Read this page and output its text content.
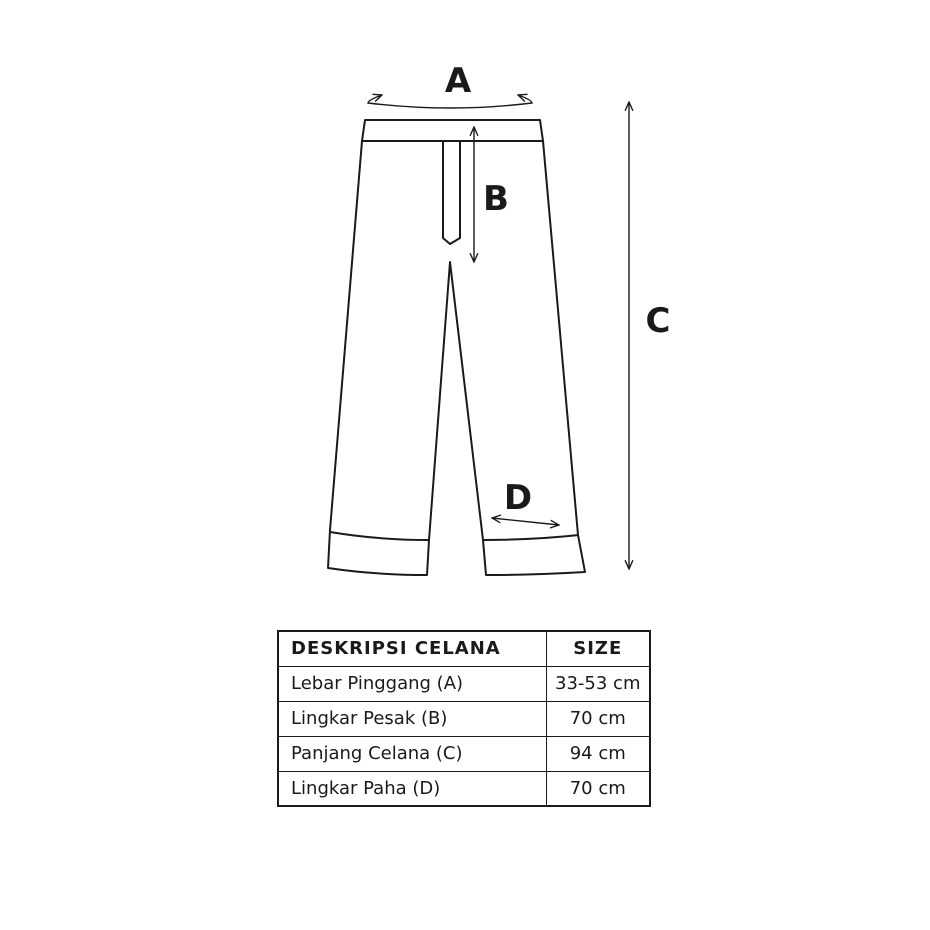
A
B
C
D
DESKRIPSI CELANA	SIZE
Lebar Pinggang (A)	33-53 cm
Lingkar Pesak (B)	70 cm
Panjang Celana (C)	94 cm
Lingkar Paha (D)	70 cm
